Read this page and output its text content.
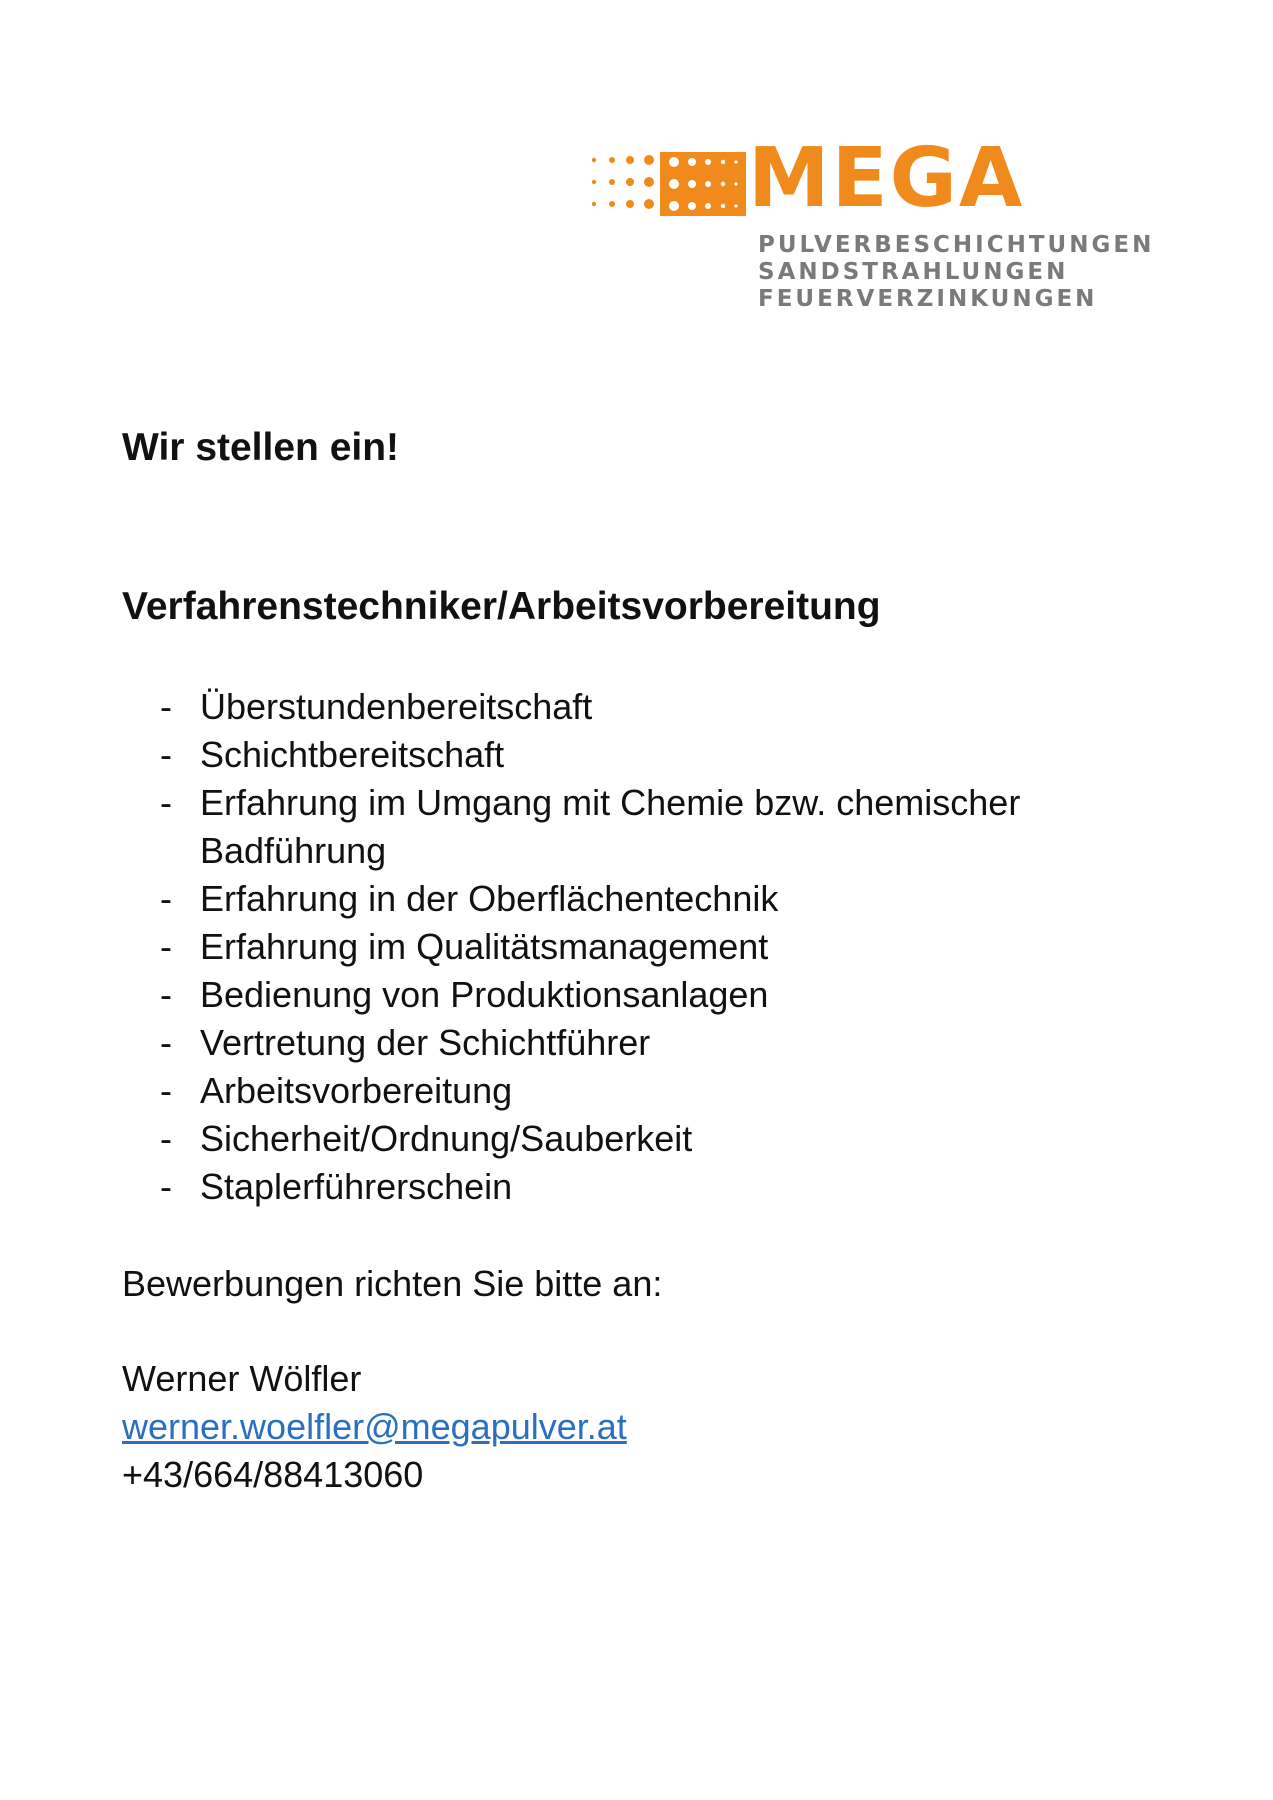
MEGA
PULVERBESCHICHTUNGEN
SANDSTRAHLUNGEN
FEUERVERZINKUNGEN
Wir stellen ein!
Verfahrenstechniker/Arbeitsvorbereitung
- Überstundenbereitschaft
- Schichtbereitschaft
- Erfahrung im Umgang mit Chemie bzw. chemischer Badführung
- Erfahrung in der Oberflächentechnik
- Erfahrung im Qualitätsmanagement
- Bedienung von Produktionsanlagen
- Vertretung der Schichtführer
- Arbeitsvorbereitung
- Sicherheit/Ordnung/Sauberkeit
- Staplerführerschein

Bewerbungen richten Sie bitte an:

Werner Wölfler
werner.woelfler@megapulver.at
+43/664/88413060
